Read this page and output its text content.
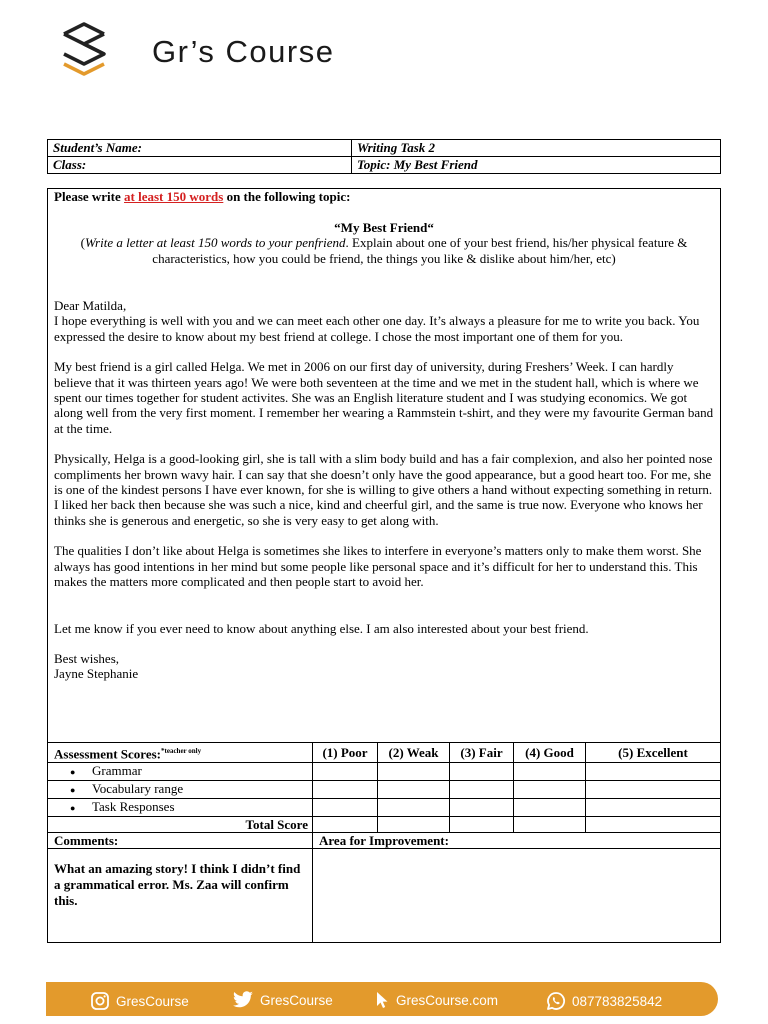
Gr’s Course
Student’s Name:	Writing Task 2
Class:	Topic: My Best Friend

Please write at least 150 words on the following topic:

“My Best Friend“

(Write a letter at least 150 words to your penfriend. Explain about one of your best friend, his/her physical feature & characteristics, how you could be friend, the things you like & dislike about him/her, etc)

Dear Matilda,

I hope everything is well with you and we can meet each other one day. It’s always a pleasure for me to write you back. You expressed the desire to know about my best friend at college. I chose the most important one of them for you.

My best friend is a girl called Helga. We met in 2006 on our first day of university, during Freshers’ Week. I can hardly believe that it was thirteen years ago! We were both seventeen at the time and we met in the student hall, which is where we spent our times together for student activites. She was an English literature student and I was studying economics. We got along well from the very first moment. I remember her wearing a Rammstein t-shirt, and they were my favourite German band at the time.

Physically, Helga is a good-looking girl, she is tall with a slim body build and has a fair complexion, and also her pointed nose compliments her brown wavy hair. I can say that she doesn’t only have the good appearance, but a good heart too. For me, she is one of the kindest persons I have ever known, for she is willing to give others a hand without expecting something in return. I liked her back then because she was such a nice, kind and cheerful girl, and the same is true now. Everyone who knows her thinks she is generous and energetic, so she is very easy to get along with.

The qualities I don’t like about Helga is sometimes she likes to interfere in everyone’s matters only to make them worst. She always has good intentions in her mind but some people like personal space and it’s difficult for her to understand this. This makes the matters more complicated and then people start to avoid her.

Let me know if you ever need to know about anything else. I am also interested about your best friend.

Best wishes,

Jayne Stephanie

Assessment Scores:$^{*teacher only}$	(1) Poor	(2) Weak	(3) Fair	(4) Good	(5) Excellent
● Grammar					
● Vocabulary range					
● Task Responses					
Total Score					
Comments:	Area for Improvement:				
What an amazing story! I think I didn’t find a grammatical error. Ms. Zaa will confirm this.					
GresCourse	GresCourse	GresCourse.com	087783825842
